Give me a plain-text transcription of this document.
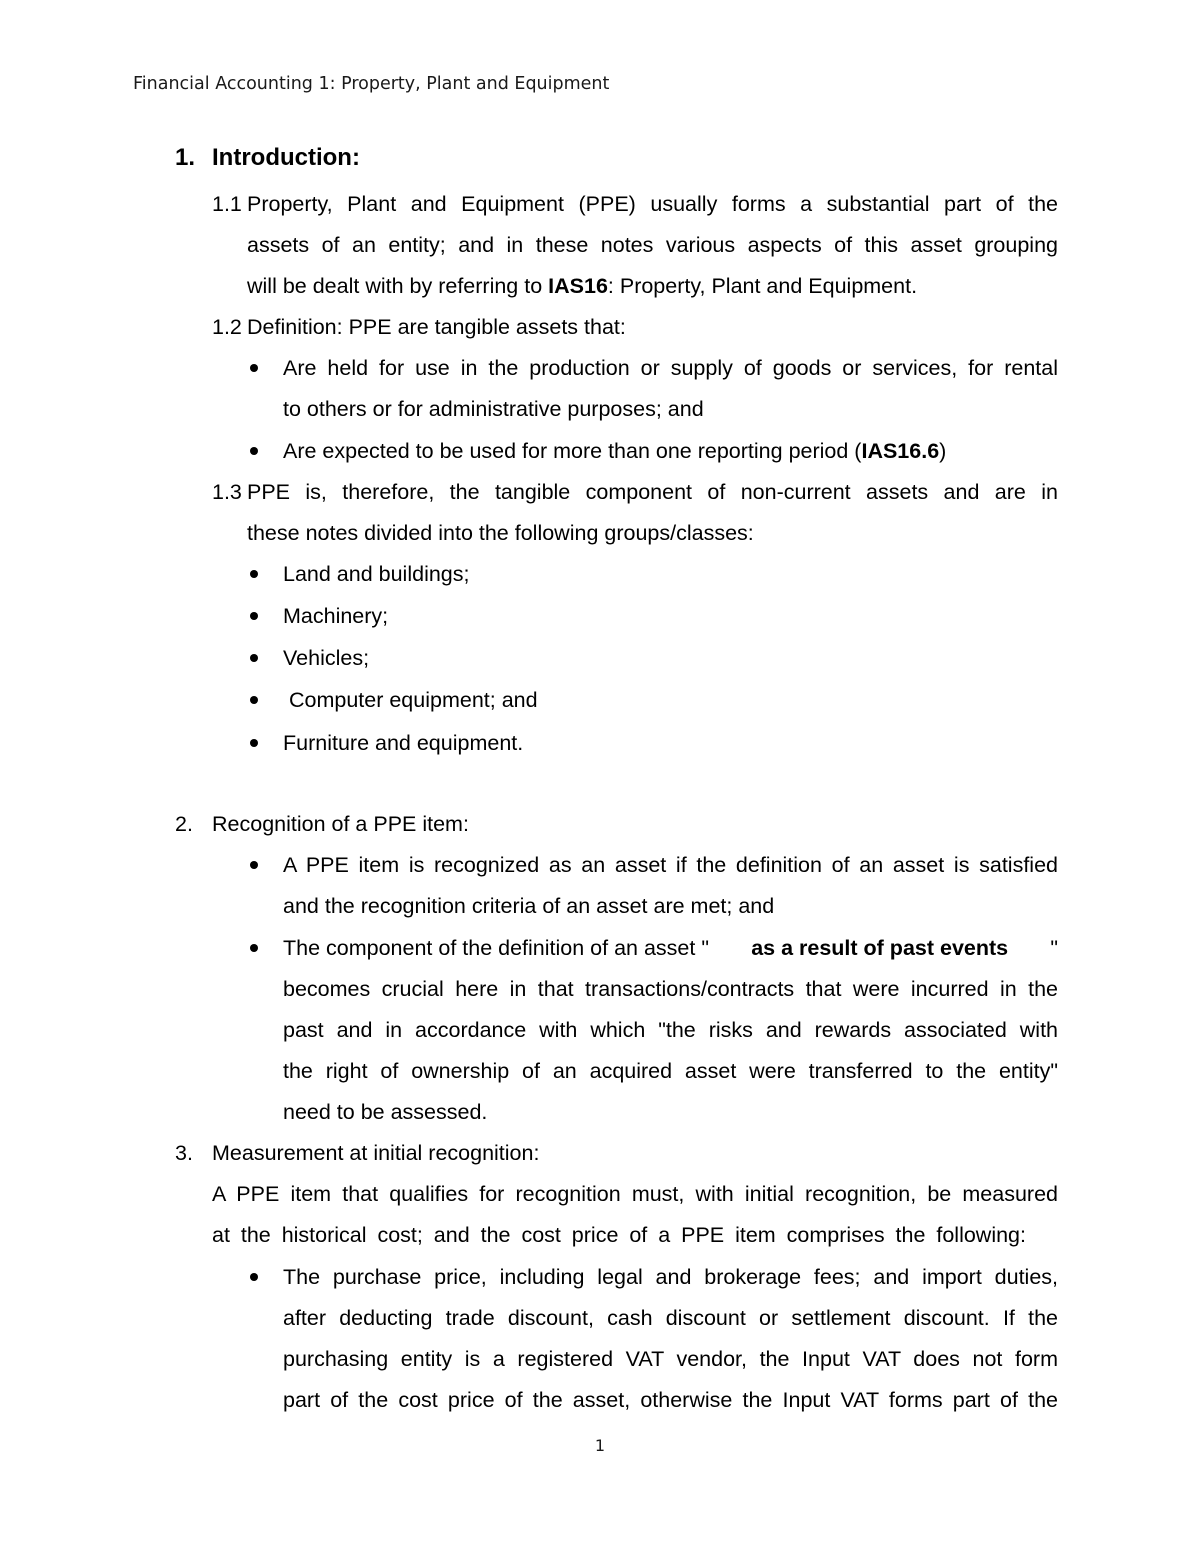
Financial Accounting 1: Property, Plant and Equipment
1. Introduction:
1.1 Property, Plant and Equipment (PPE) usually forms a substantial part of the
assets of an entity; and in these notes various aspects of this asset grouping
will be dealt with by referring to IAS16: Property, Plant and Equipment.
1.2 Definition: PPE are tangible assets that:
Are held for use in the production or supply of goods or services, for rental
to others or for administrative purposes; and
Are expected to be used for more than one reporting period (IAS16.6)
1.3 PPE is, therefore, the tangible component of non-current assets and are in
these notes divided into the following groups/classes:
Land and buildings;
Machinery;
Vehicles;
Computer equipment; and
Furniture and equipment.
2. Recognition of a PPE item:
A PPE item is recognized as an asset if the definition of an asset is satisfied
and the recognition criteria of an asset are met; and
The component of the definition of an asset " as a result of past events "
becomes crucial here in that transactions/contracts that were incurred in the
past and in accordance with which "the risks and rewards associated with
the right of ownership of an acquired asset were transferred to the entity"
need to be assessed.
3. Measurement at initial recognition:
A PPE item that qualifies for recognition must, with initial recognition, be measured
at the historical cost; and the cost price of a PPE item comprises the following:
The purchase price, including legal and brokerage fees; and import duties,
after deducting trade discount, cash discount or settlement discount. If the
purchasing entity is a registered VAT vendor, the Input VAT does not form
part of the cost price of the asset, otherwise the Input VAT forms part of the
1
